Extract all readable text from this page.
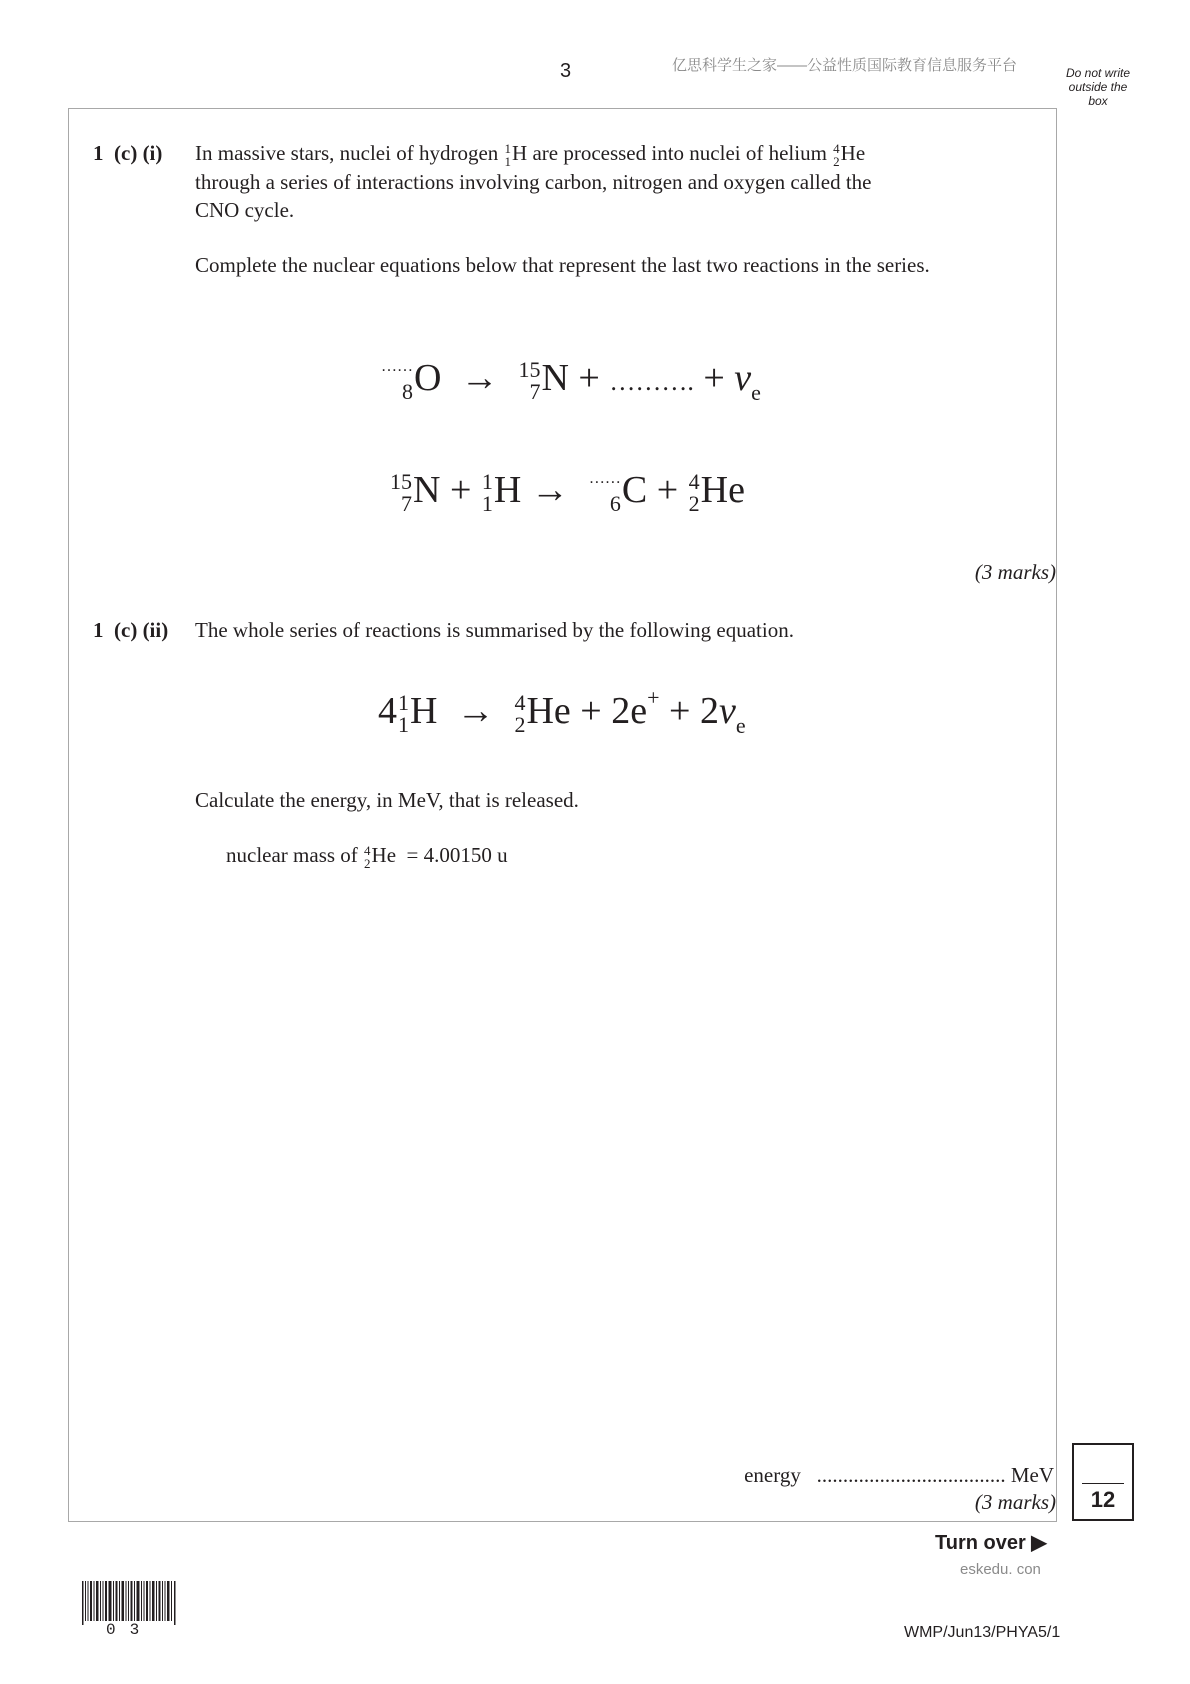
3	亿思科学生之家——公益性质国际教育信息服务平台	Do not write outside the box
1 (c) (i) In massive stars, nuclei of hydrogen 1
1 H are processed into nuclei of helium 4
2 He
through a series of interactions involving carbon, nitrogen and oxygen called the
CNO cycle.
Complete the nuclear equations below that represent the last two reactions in the series.
……
8 O → 15
7 N + ………. + $\nu_e$
15
7 N + 1
1 H → ……
6 C + 4
2 He
(3 marks)
1 (c) (ii) The whole series of reactions is summarised by the following equation.
4 1
1 H → 4
2 $He + 2e^+ + 2\nu_e$
Calculate the energy, in MeV, that is released.
nuclear mass of 4
2 He = 4.00150 u
energy .................................... MeV
(3 marks)	12
Turn over ▶
eskedu. con
03	WMP/Jun13/PHYA5/1
